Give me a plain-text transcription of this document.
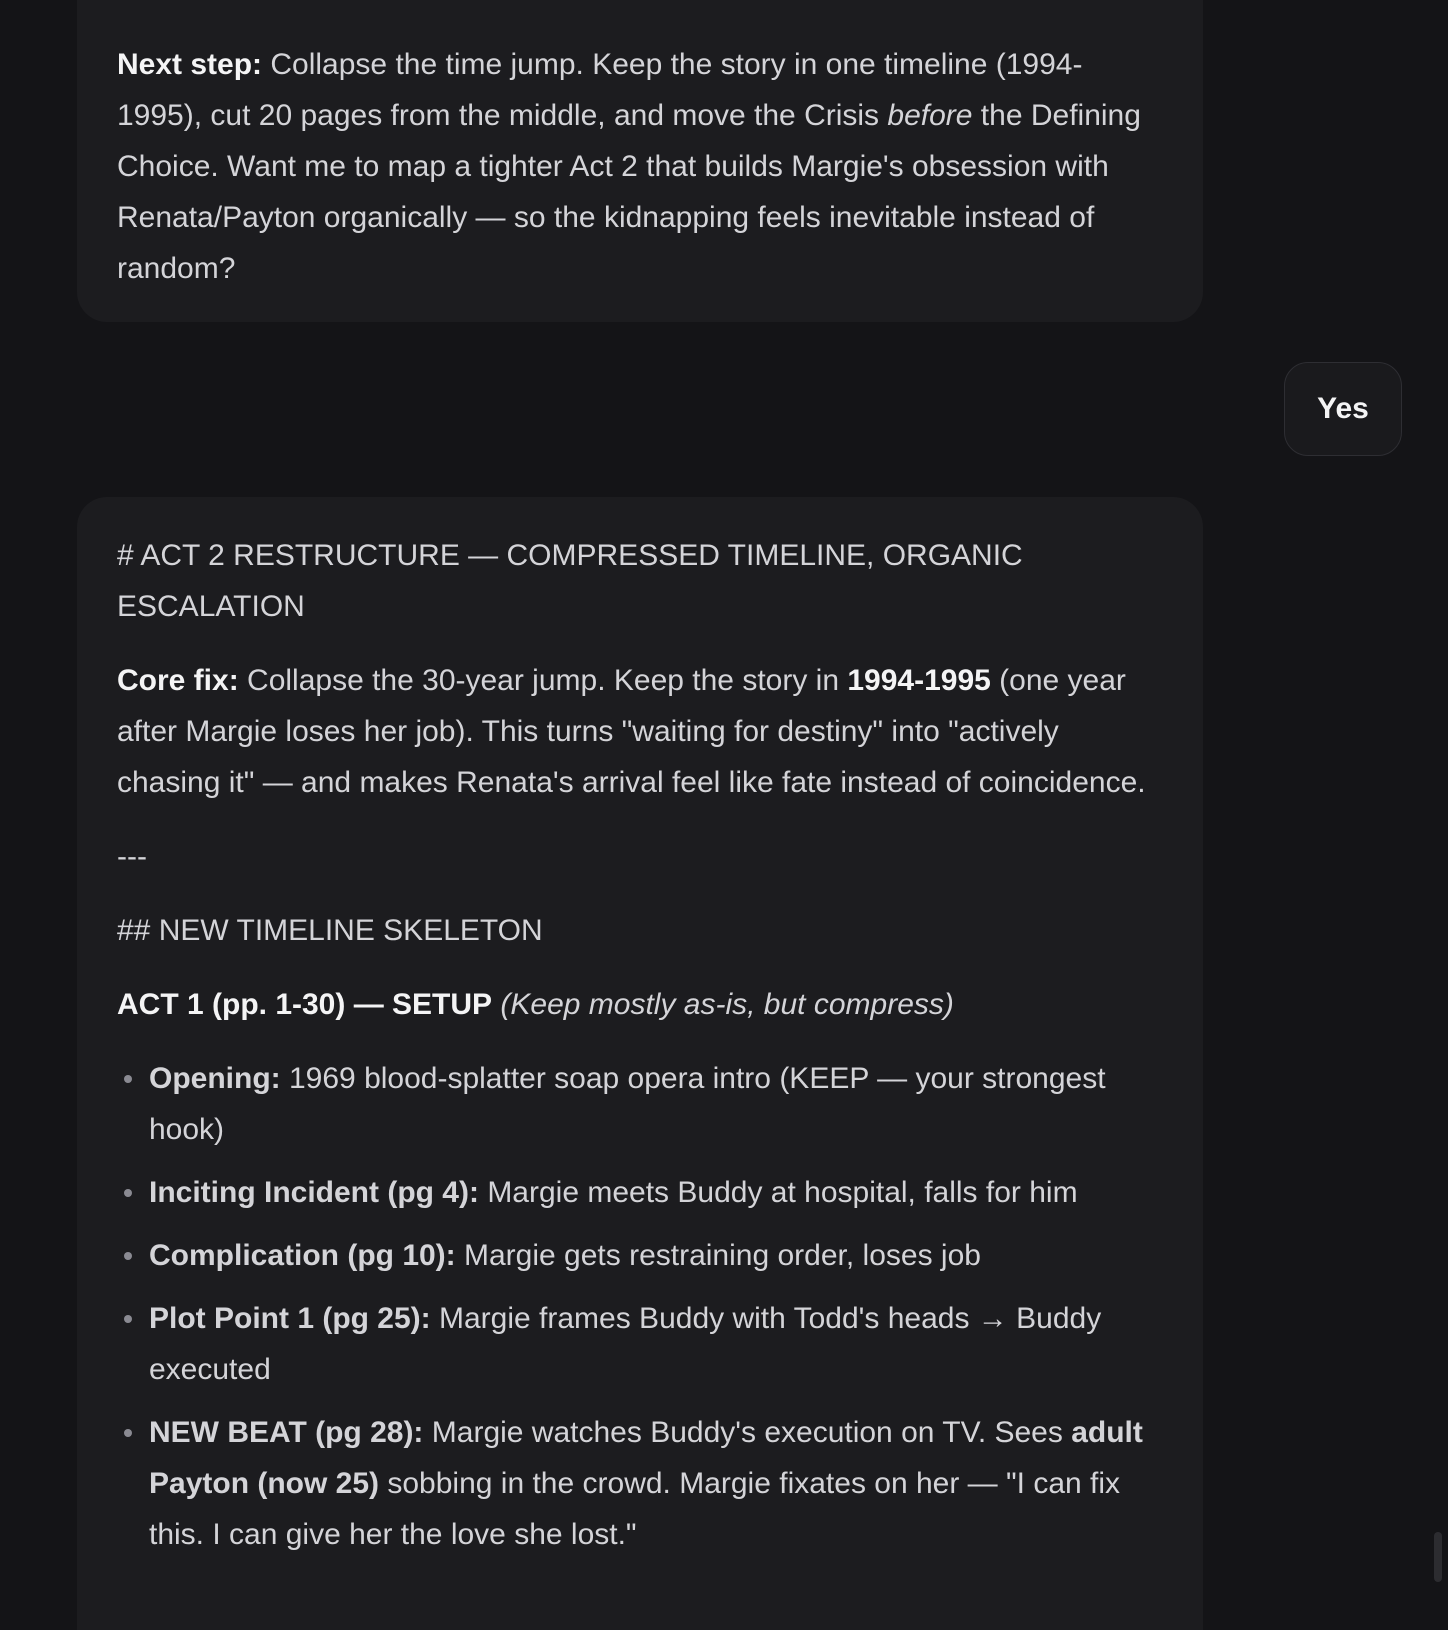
Next step: Collapse the time jump. Keep the story in one timeline (1994-1995), cut 20 pages from the middle, and move the Crisis before the Defining Choice. Want me to map a tighter Act 2 that builds Margie's obsession with Renata/Payton organically — so the kidnapping feels inevitable instead of random?

Yes

# ACT 2 RESTRUCTURE — COMPRESSED TIMELINE, ORGANIC ESCALATION

Core fix: Collapse the 30-year jump. Keep the story in 1994-1995 (one year after Margie loses her job). This turns "waiting for destiny" into "actively chasing it" — and makes Renata's arrival feel like fate instead of coincidence.

---

## NEW TIMELINE SKELETON

ACT 1 (pp. 1-30) — SETUP (Keep mostly as-is, but compress)

Opening: 1969 blood-splatter soap opera intro (KEEP — your strongest hook)
Inciting Incident (pg 4): Margie meets Buddy at hospital, falls for him
Complication (pg 10): Margie gets restraining order, loses job
Plot Point 1 (pg 25): Margie frames Buddy with Todd's heads → Buddy executed
NEW BEAT (pg 28): Margie watches Buddy's execution on TV. Sees adult Payton (now 25) sobbing in the crowd. Margie fixates on her — "I can fix this. I can give her the love she lost."
